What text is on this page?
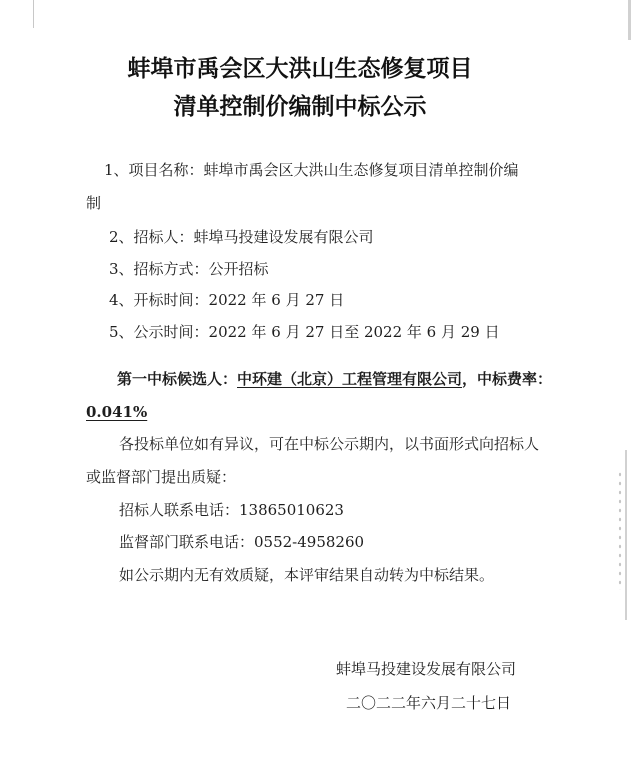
蚌埠市禹会区大洪山生态修复项目
清单控制价编制中标公示
1、项目名称：蚌埠市禹会区大洪山生态修复项目清单控制价编
制
2、招标人：蚌埠马投建设发展有限公司
3、招标方式：公开招标
4、开标时间：2022 年 6 月 27 日
5、公示时间：2022 年 6 月 27 日至 2022 年 6 月 29 日
第一中标候选人：中环建（北京）工程管理有限公司，中标费率：
0.041%
各投标单位如有异议，可在中标公示期内，以书面形式向招标人
或监督部门提出质疑：
招标人联系电话：13865010623
监督部门联系电话：0552-4958260
如公示期内无有效质疑，本评审结果自动转为中标结果。
蚌埠马投建设发展有限公司
二〇二二年六月二十七日
